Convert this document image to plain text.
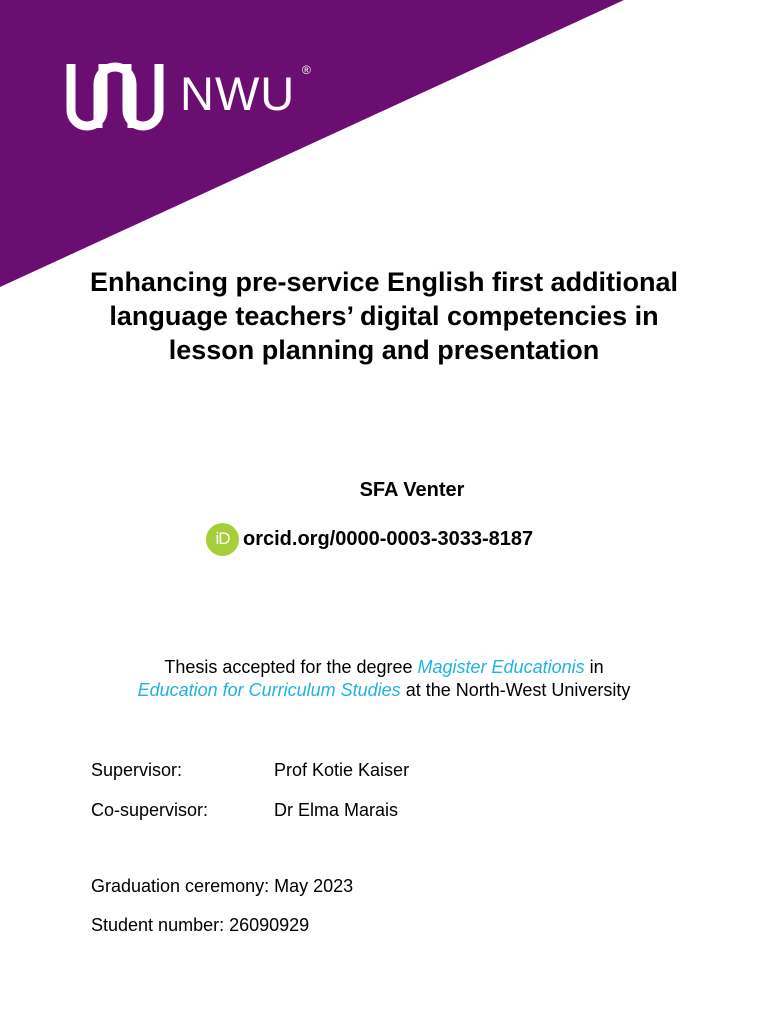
NWU ®
Enhancing pre-service English first additional language teachers’ digital competencies in lesson planning and presentation
SFA Venter
iD orcid.org/0000-0003-3033-8187
Thesis accepted for the degree Magister Educationis in
Education for Curriculum Studies at the North-West University
Supervisor:	Prof Kotie Kaiser
Co-supervisor:	Dr Elma Marais
Graduation ceremony: May 2023
Student number: 26090929
